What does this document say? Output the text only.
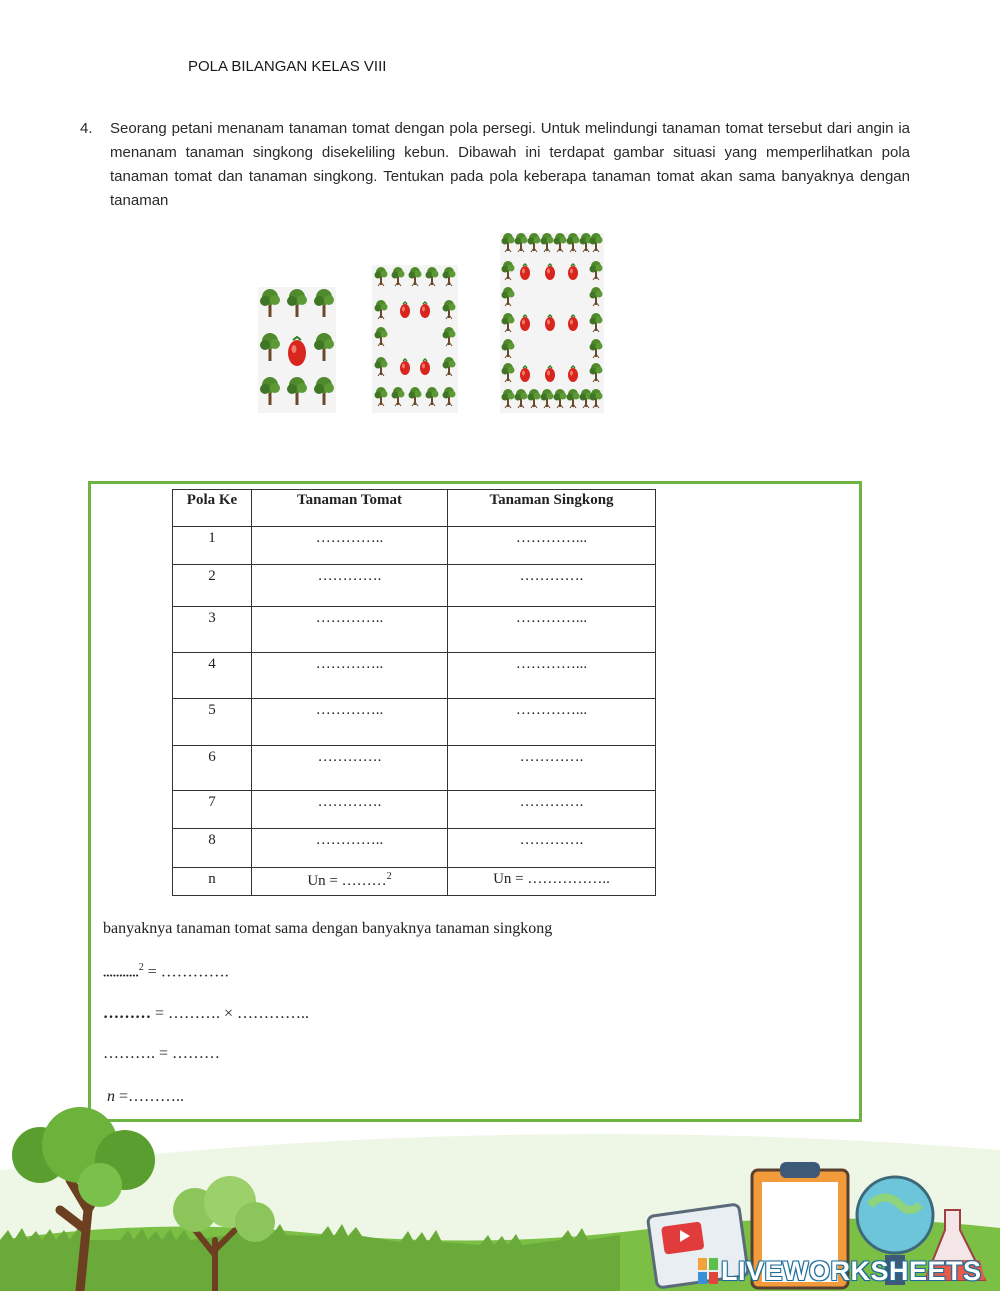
POLA BILANGAN KELAS VIII
4. Seorang petani menanam tanaman tomat dengan pola persegi. Untuk melindungi tanaman tomat tersebut dari angin ia menanam tanaman singkong disekeliling kebun. Dibawah ini terdapat gambar situasi yang memperlihatkan pola tanaman tomat dan tanaman singkong. Tentukan pada pola keberapa tanaman tomat akan sama banyaknya dengan tanaman
Pola Ke	Tanaman Tomat	Tanaman Singkong
1	…………..	…………...
2	………….	………….
3	…………..	…………...
4	…………..	…………...
5	…………..	…………...
6	………….	………….
7	………….	………….
8	…………..	………….
n	Un = ………$^2$	Un = ……………..
banyaknya tanaman tomat sama dengan banyaknya tanaman singkong
...........$^2$ = ………….
……… = ………. × …………..
………. = ………
n =………..
LIVEWORKSHEETS
